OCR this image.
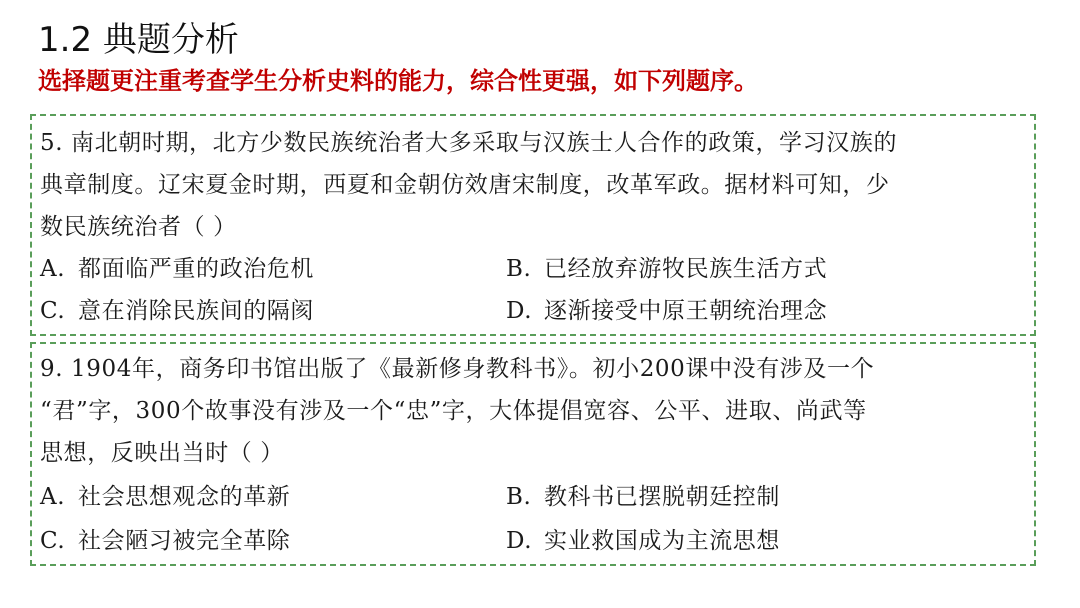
1.2 典题分析
选择题更注重考查学生分析史料的能力，综合性更强，如下列题序。
5. 南北朝时期，北方少数民族统治者大多采取与汉族士人合作的政策，学习汉族的
典章制度。辽宋夏金时期，西夏和金朝仿效唐宋制度，改革军政。据材料可知，少
数民族统治者（ ）
A. 都面临严重的政治危机	B. 已经放弃游牧民族生活方式
C. 意在消除民族间的隔阂	D. 逐渐接受中原王朝统治理念
9. 1904年，商务印书馆出版了《最新修身教科书》。初小200课中没有涉及一个
“君”字，300个故事没有涉及一个“忠”字，大体提倡宽容、公平、进取、尚武等
思想，反映出当时（ ）
A. 社会思想观念的革新	B. 教科书已摆脱朝廷控制
C. 社会陋习被完全革除	D. 实业救国成为主流思想
